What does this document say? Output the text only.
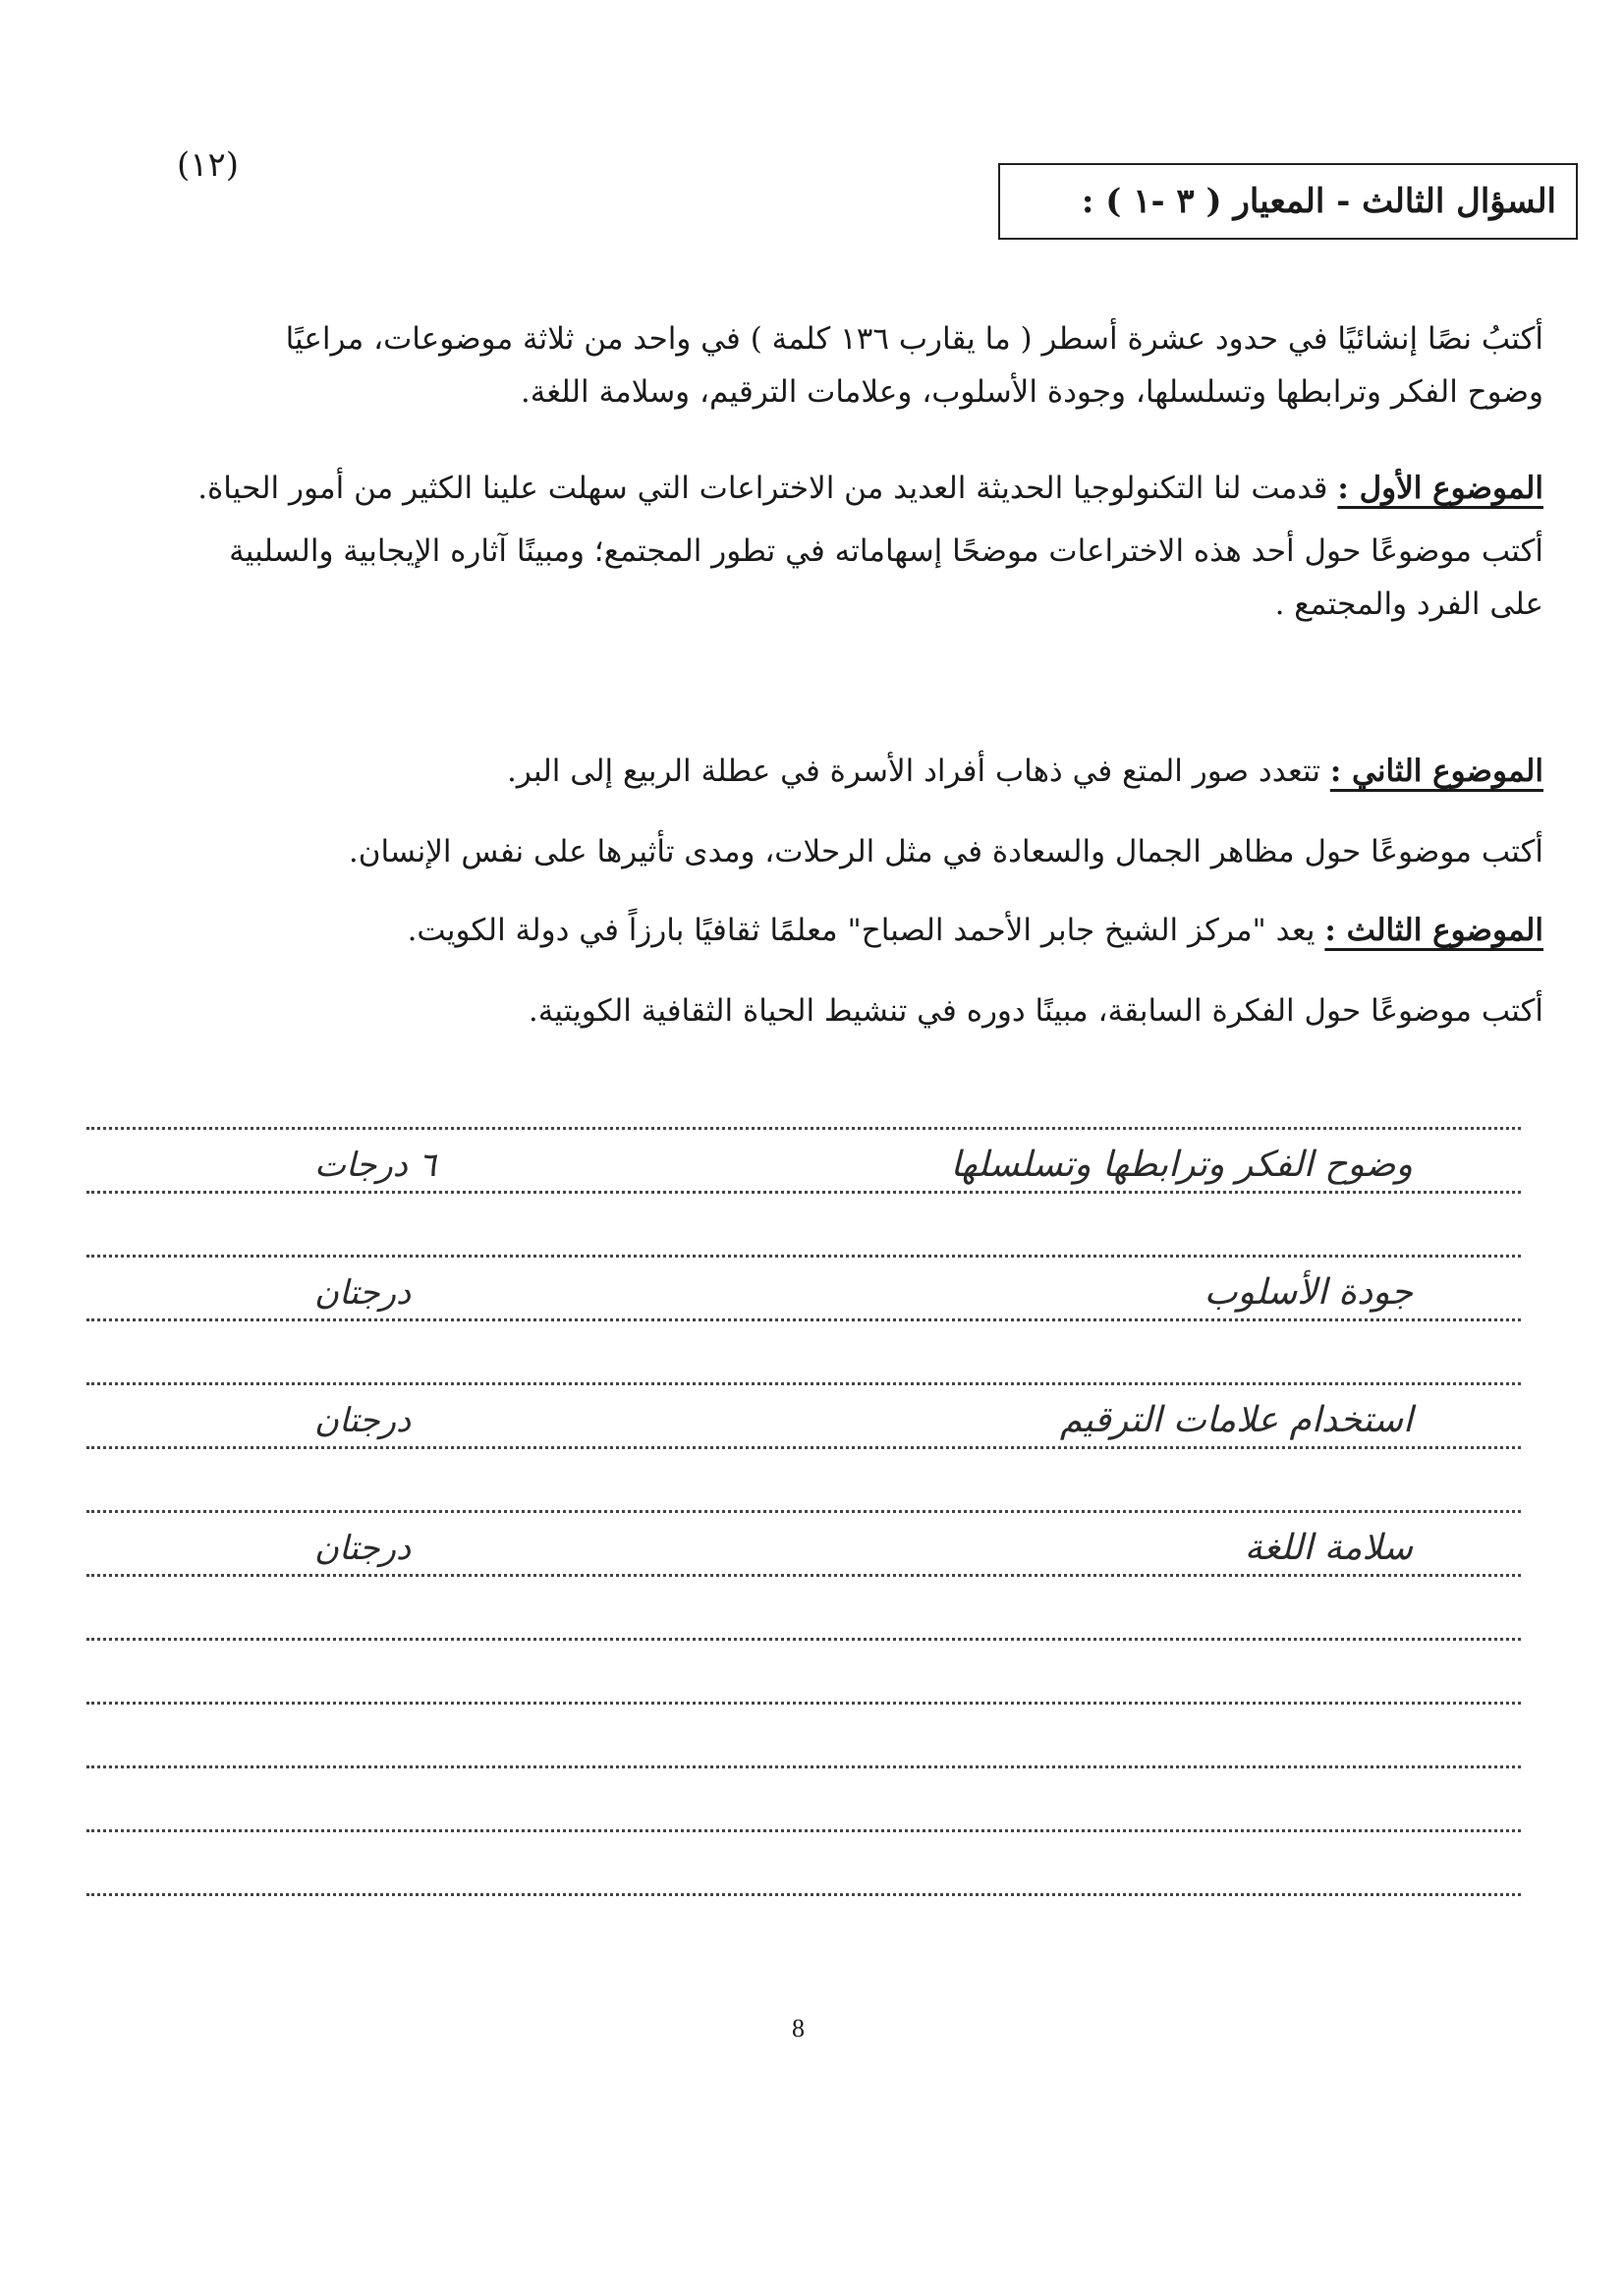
(١٢)
السؤال الثالث - المعيار ( ٣ -١ ) :
أكتبُ نصًا إنشائيًا في حدود عشرة أسطر ( ما يقارب ١٣٦ كلمة ) في واحد من ثلاثة موضوعات، مراعيًا
وضوح الفكر وترابطها وتسلسلها، وجودة الأسلوب، وعلامات الترقيم، وسلامة اللغة.
الموضوع الأول : قدمت لنا التكنولوجيا الحديثة العديد من الاختراعات التي سهلت علينا الكثير من أمور الحياة.
أكتب موضوعًا حول أحد هذه الاختراعات موضحًا إسهاماته في تطور المجتمع؛ ومبينًا آثاره الإيجابية والسلبية على الفرد والمجتمع .
الموضوع الثاني : تتعدد صور المتع في ذهاب أفراد الأسرة في عطلة الربيع إلى البر.
أكتب موضوعًا حول مظاهر الجمال والسعادة في مثل الرحلات، ومدى تأثيرها على نفس الإنسان.
الموضوع الثالث : يعد "مركز الشيخ جابر الأحمد الصباح" معلمًا ثقافيًا بارزاً في دولة الكويت.
أكتب موضوعًا حول الفكرة السابقة، مبينًا دوره في تنشيط الحياة الثقافية الكويتية.
وضوح الفكر وترابطها وتسلسلها
٦ درجات
جودة الأسلوب
درجتان
استخدام علامات الترقيم
درجتان
سلامة اللغة
درجتان
8
